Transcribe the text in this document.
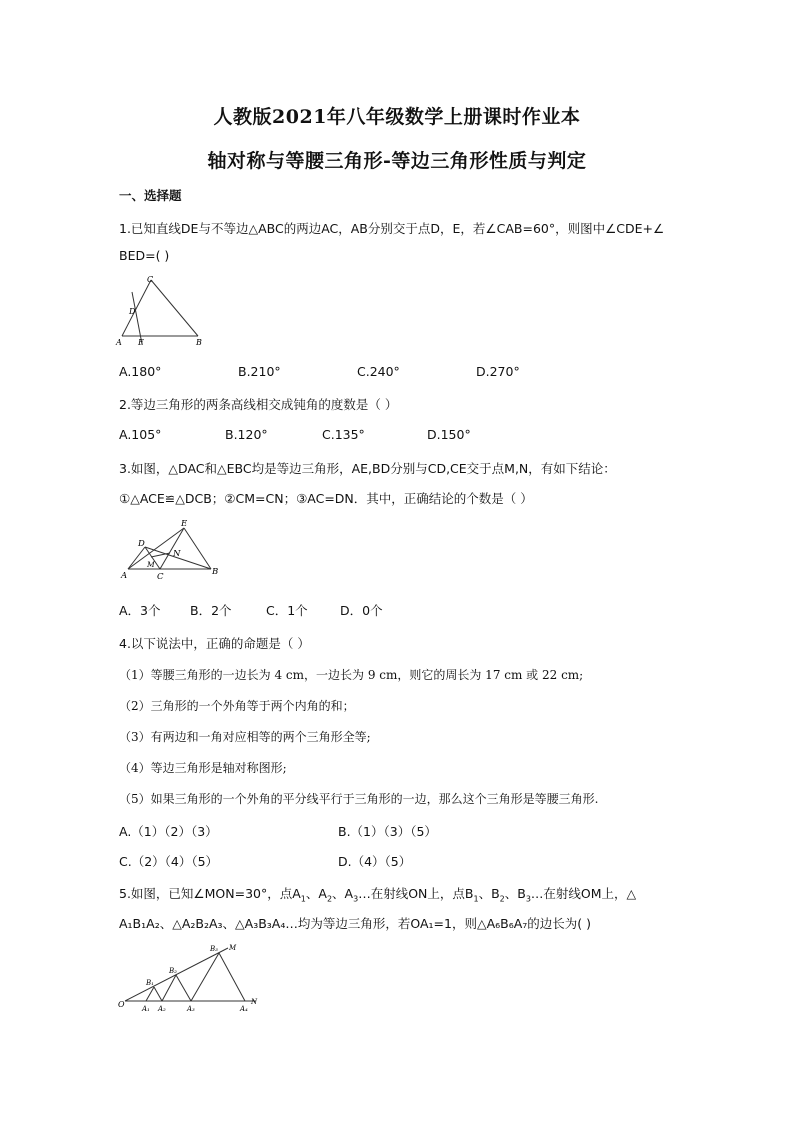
人教版2021年八年级数学上册课时作业本
轴对称与等腰三角形-等边三角形性质与判定
一、选择题
1.已知直线DE与不等边△ABC的两边AC，AB分别交于点D，E，若∠CAB=60°，则图中∠CDE+∠
BED=( )
C
D
A E	B
A.180°	B.210°	C.240°	D.270°
2.等边三角形的两条高线相交成钝角的度数是（ ）
A.105°	B.120°	C.135°	D.150°
3.如图，△DAC和△EBC均是等边三角形，AE,BD分别与CD,CE交于点M,N，有如下结论：
①△ACE≌△DCB；②CM=CN；③AC=DN．其中，正确结论的个数是（ ）
E
D
N
M
A	C	B
A．3个 B．2个	C．1个	D．0个
4.以下说法中，正确的命题是（ ）
（1）等腰三角形的一边长为 4 cm，一边长为 9 cm，则它的周长为 17 cm 或 22 cm;
（2）三角形的一个外角等于两个内角的和；
（3）有两边和一角对应相等的两个三角形全等;
（4）等边三角形是轴对称图形;
（5）如果三角形的一个外角的平分线平行于三角形的一边，那么这个三角形是等腰三角形.
A.（1）（2）（3）	B.（1）（3）（5）
C.（2）（4）（5）	D.（4）（5）
5.如图，已知∠MON=30°，点$A_1$、$A_2$、$A_3\dots$在射线ON上，点$B_1$、$B_2$、$B_3\dots$在射线OM上，△
A₁B₁A₂、△A₂B₂A₃、△A₃B₃A₄…均为等边三角形，若OA₁=1，则△A₆B₆A₇的边长为( )
O	N
M
A₁ A₂	A₃	A₄
B₁
B₂
B₃
